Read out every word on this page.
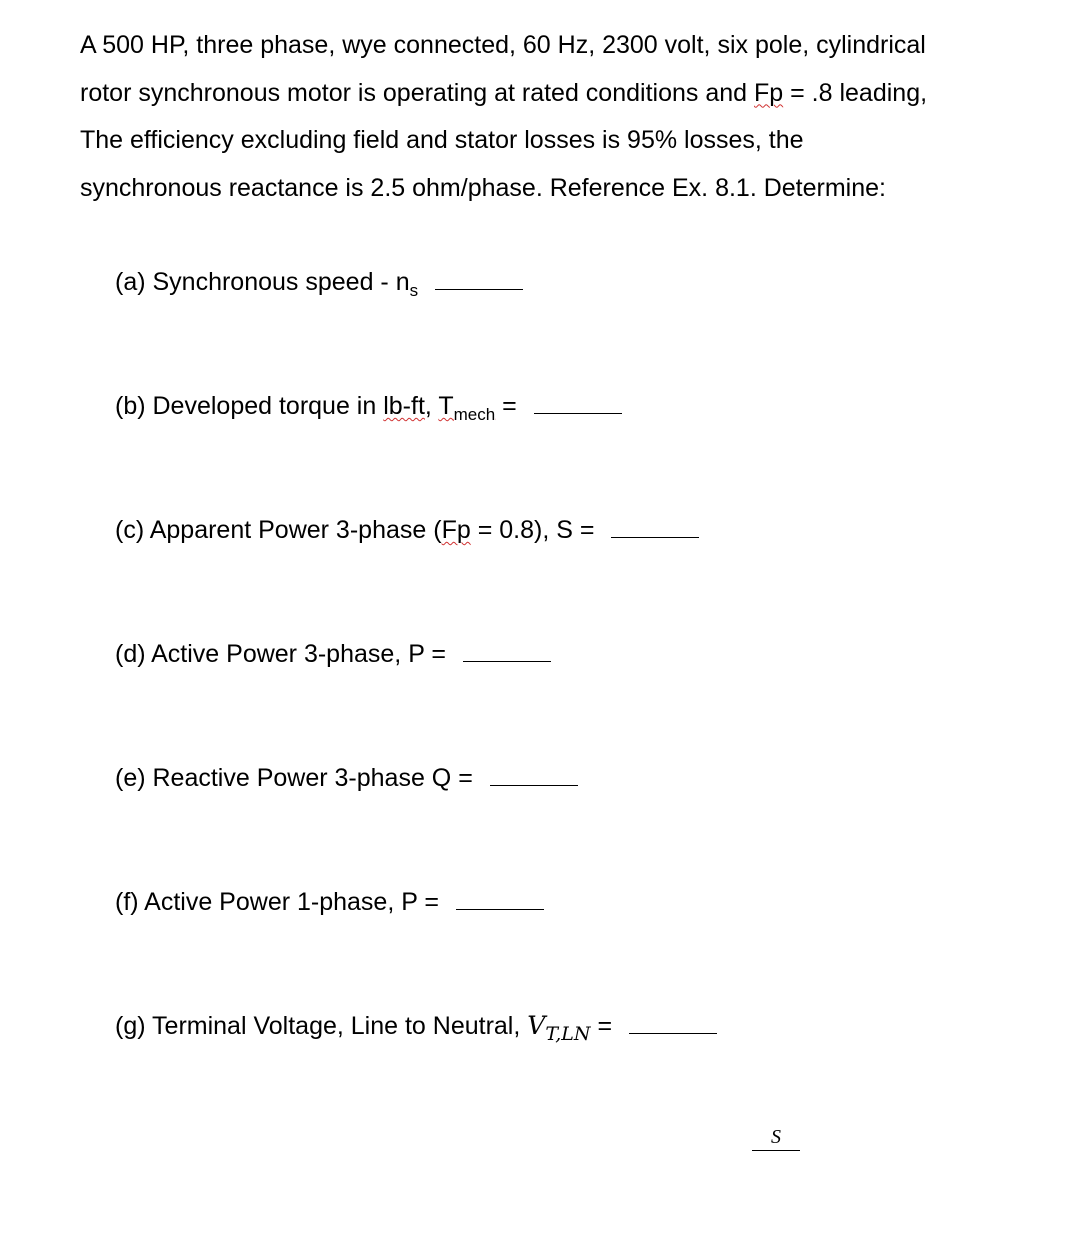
A 500 HP, three phase, wye connected, 60 Hz, 2300 volt, six pole, cylindrical
rotor synchronous motor is operating at rated conditions and Fp = .8 leading,
The efficiency excluding field and stator losses is 95% losses, the
synchronous reactance is 2.5 ohm/phase. Reference Ex. 8.1. Determine:
(a) Synchronous speed - $n_s$
(b) Developed torque in lb-ft, $T_{mech}$ =
(c) Apparent Power 3-phase (Fp = 0.8), S =
(d) Active Power 3-phase, P =
(e) Reactive Power 3-phase Q =
(f) Active Power 1-phase, P =
(g) Terminal Voltage, Line to Neutral, $V_{T,LN}$ =
S
